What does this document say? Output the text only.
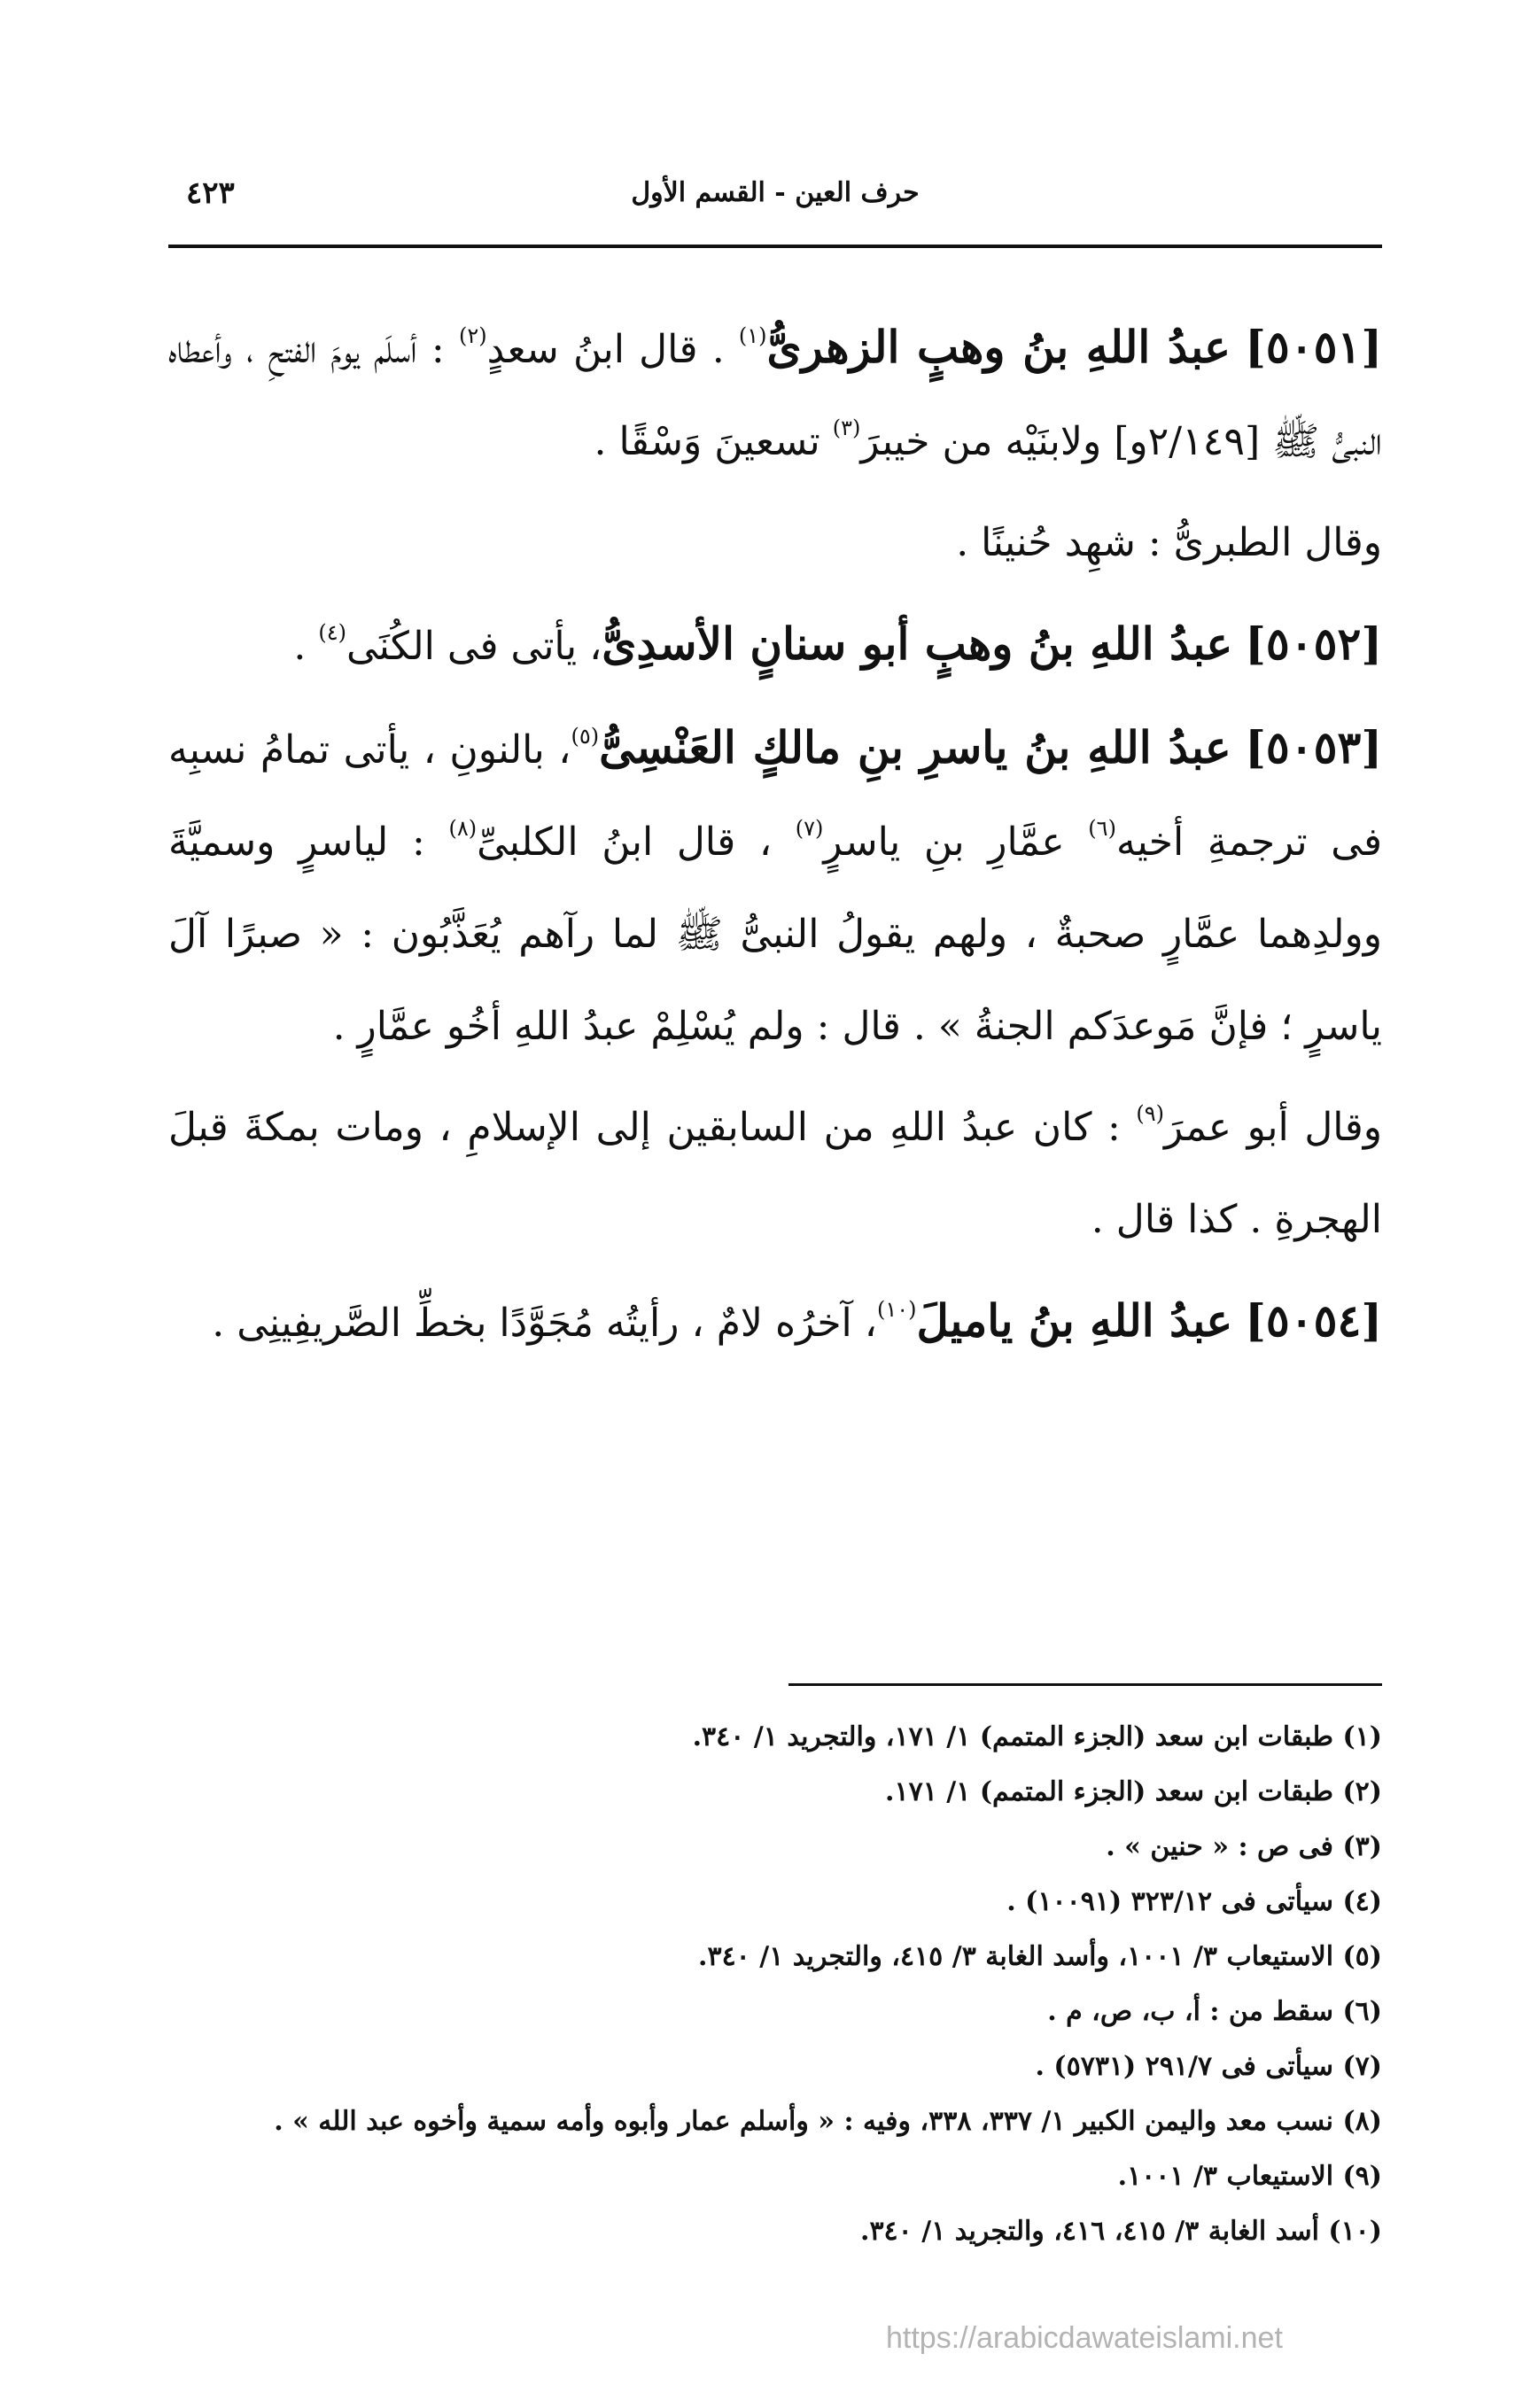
حرف العين - القسم الأول
٤٢٣

[٥٠٥١] عبدُ اللهِ بنُ وهبٍ الزهرىُّ$^{(١)}$ . قال ابنُ سعدٍ$^{(٢)}$ : أسلَم يومَ الفتحِ ، وأعطاه النبىُّ ﷺ [٢/١٤٩و] ولابنَيْه من خيبرَ$^{(٣)}$ تسعينَ وَسْقًا .

وقال الطبرىُّ : شهِد حُنينًا .

[٥٠٥٢] عبدُ اللهِ بنُ وهبٍ أبو سنانٍ الأسدِىُّ، يأتى فى الكُنَى$^{(٤)}$ .

[٥٠٥٣] عبدُ اللهِ بنُ ياسرِ بنِ مالكٍ العَنْسِىُّ$^{(٥)}$، بالنونِ ، يأتى تمامُ نسبِه فى ترجمةِ أخيه$^{(٦)}$ عمَّارِ بنِ ياسرٍ$^{(٧)}$ ، قال ابنُ الكلبىِّ$^{(٨)}$ : لياسرٍ وسميَّةَ وولدِهما عمَّارٍ صحبةٌ ، ولهم يقولُ النبىُّ ﷺ لما رآهم يُعَذَّبُون : « صبرًا آلَ ياسرٍ ؛ فإنَّ مَوعدَكم الجنةُ » . قال : ولم يُسْلِمْ عبدُ اللهِ أخُو عمَّارٍ .

وقال أبو عمرَ$^{(٩)}$ : كان عبدُ اللهِ من السابقين إلى الإسلامِ ، ومات بمكةَ قبلَ الهجرةِ . كذا قال .

[٥٠٥٤] عبدُ اللهِ بنُ ياميلَ$^{(١٠)}$، آخرُه لامٌ ، رأيتُه مُجَوَّدًا بخطِّ الصَّريفِينِى .

(١) طبقات ابن سعد (الجزء المتمم) ١/ ١٧١، والتجريد ١/ ٣٤٠.

(٢) طبقات ابن سعد (الجزء المتمم) ١/ ١٧١.

(٣) فى ص : « حنين » .

(٤) سيأتى فى ٣٢٣/١٢ (١٠٠٩١) .

(٥) الاستيعاب ٣/ ١٠٠١، وأسد الغابة ٣/ ٤١٥، والتجريد ١/ ٣٤٠.

(٦) سقط من : أ، ب، ص، م .

(٧) سيأتى فى ٢٩١/٧ (٥٧٣١) .

(٨) نسب معد واليمن الكبير ١/ ٣٣٧، ٣٣٨، وفيه : « وأسلم عمار وأبوه وأمه سمية وأخوه عبد الله » .

(٩) الاستيعاب ٣/ ١٠٠١.

(١٠) أسد الغابة ٣/ ٤١٥، ٤١٦، والتجريد ١/ ٣٤٠.

https://arabicdawateislami.net
